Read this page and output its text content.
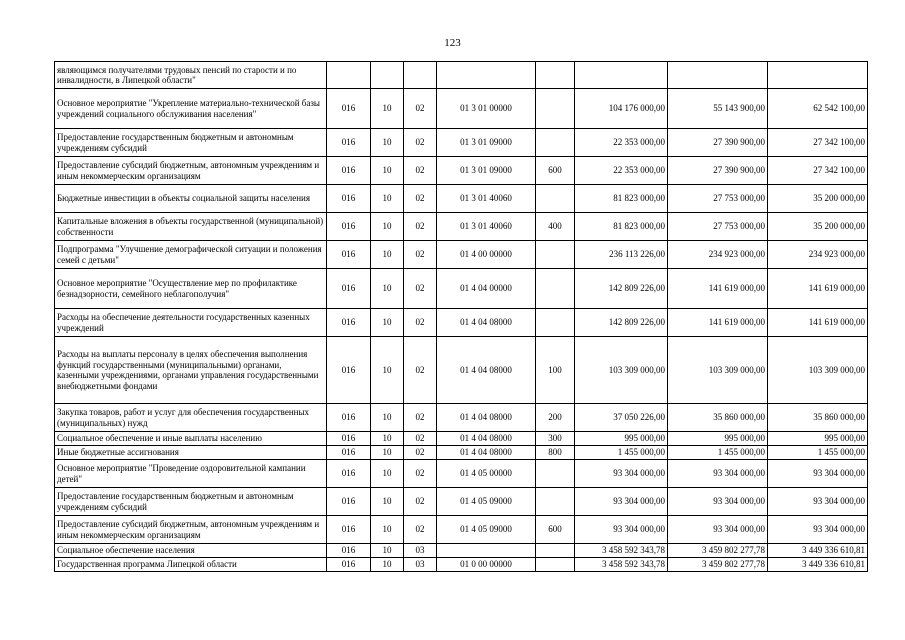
123
являющимся получателями трудовых пенсий по старости и по инвалидности, в Липецкой области"								
Основное мероприятие "Укрепление материально-технической базы учреждений социального обслуживания населения"	016	10	02	01 3 01 00000		104 176 000,00	55 143 900,00	62 542 100,00
Предоставление государственным бюджетным и автономным учреждениям субсидий	016	10	02	01 3 01 09000		22 353 000,00	27 390 900,00	27 342 100,00
Предоставление субсидий бюджетным, автономным учреждениям и иным некоммерческим организациям	016	10	02	01 3 01 09000	600	22 353 000,00	27 390 900,00	27 342 100,00
Бюджетные инвестиции в объекты социальной защиты населения	016	10	02	01 3 01 40060		81 823 000,00	27 753 000,00	35 200 000,00
Капитальные вложения в объекты государственной (муниципальной) собственности	016	10	02	01 3 01 40060	400	81 823 000,00	27 753 000,00	35 200 000,00
Подпрограмма "Улучшение демографической ситуации и положения семей с детьми"	016	10	02	01 4 00 00000		236 113 226,00	234 923 000,00	234 923 000,00
Основное мероприятие "Осуществление мер по профилактике безнадзорности, семейного неблагополучия"	016	10	02	01 4 04 00000		142 809 226,00	141 619 000,00	141 619 000,00
Расходы на обеспечение деятельности государственных казенных учреждений	016	10	02	01 4 04 08000		142 809 226,00	141 619 000,00	141 619 000,00
Расходы на выплаты персоналу в целях обеспечения выполнения функций государственными (муниципальными) органами, казенными учреждениями, органами управления государственными внебюджетными фондами	016	10	02	01 4 04 08000	100	103 309 000,00	103 309 000,00	103 309 000,00
Закупка товаров, работ и услуг для обеспечения государственных (муниципальных) нужд	016	10	02	01 4 04 08000	200	37 050 226,00	35 860 000,00	35 860 000,00
Социальное обеспечение и иные выплаты населению	016	10	02	01 4 04 08000	300	995 000,00	995 000,00	995 000,00
Иные бюджетные ассигнования	016	10	02	01 4 04 08000	800	1 455 000,00	1 455 000,00	1 455 000,00
Основное мероприятие "Проведение оздоровительной кампании детей"	016	10	02	01 4 05 00000		93 304 000,00	93 304 000,00	93 304 000,00
Предоставление государственным бюджетным и автономным учреждениям субсидий	016	10	02	01 4 05 09000		93 304 000,00	93 304 000,00	93 304 000,00
Предоставление субсидий бюджетным, автономным учреждениям и иным некоммерческим организациям	016	10	02	01 4 05 09000	600	93 304 000,00	93 304 000,00	93 304 000,00
Социальное обеспечение населения	016	10	03			3 458 592 343,78	3 459 802 277,78	3 449 336 610,81
Государственная программа Липецкой области	016	10	03	01 0 00 00000		3 458 592 343,78	3 459 802 277,78	3 449 336 610,81
